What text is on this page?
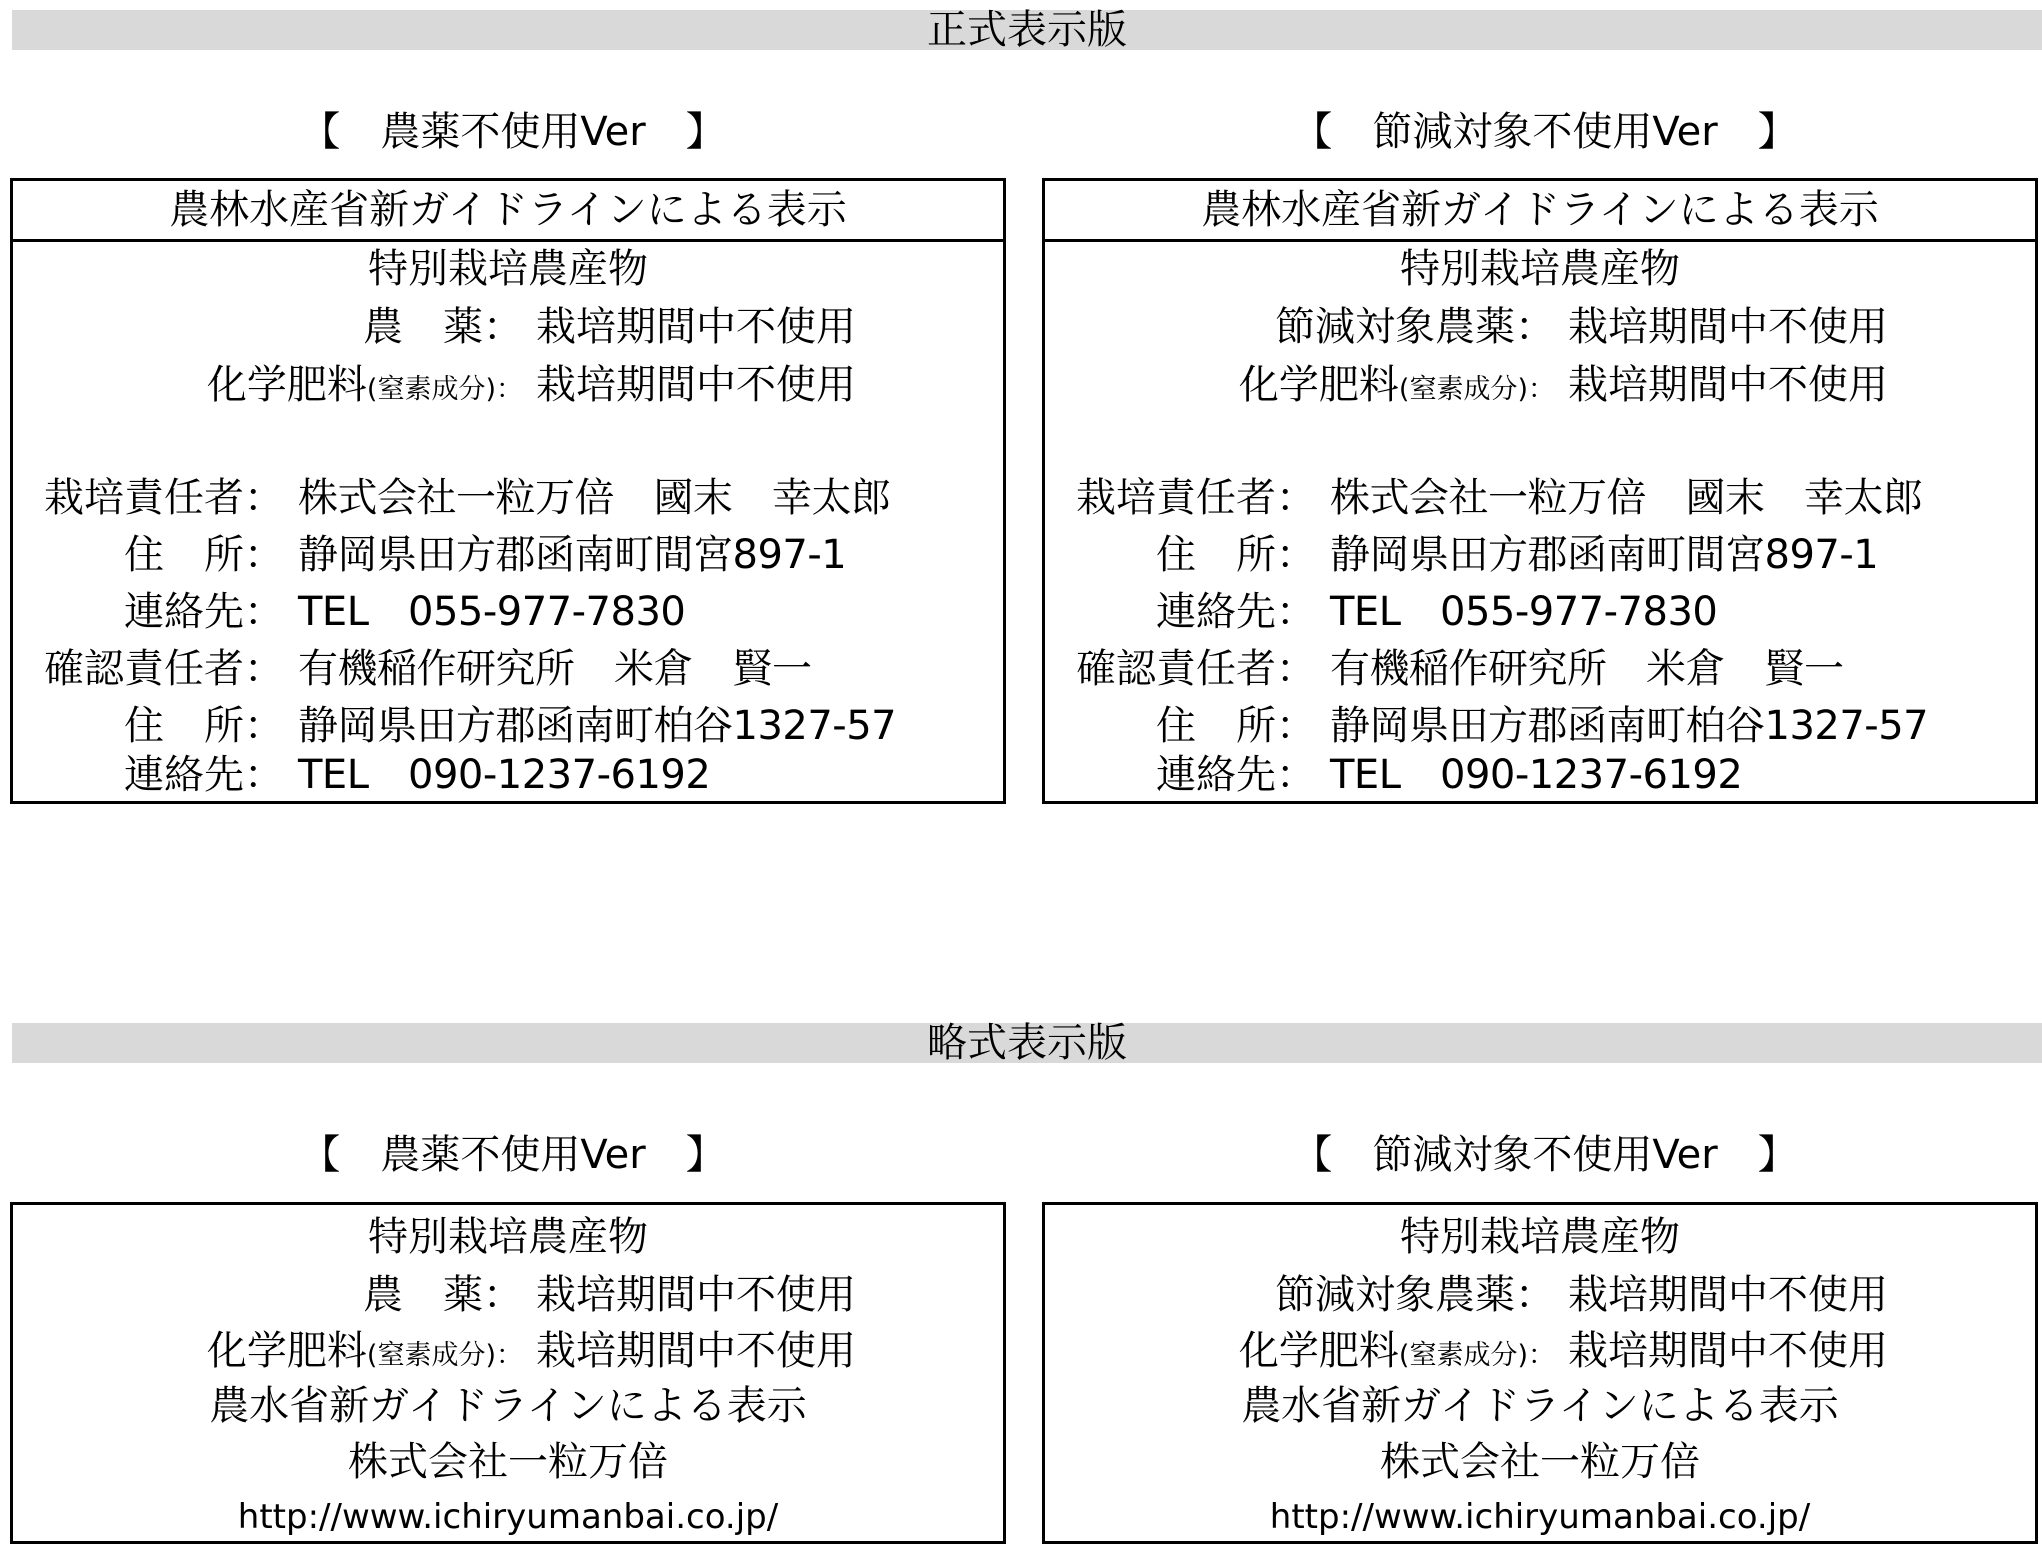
正式表示版
【　農薬不使用Ver　】
農林水産省新ガイドラインによる表示
特別栽培農産物
農　薬： 栽培期間中不使用
化学肥料(窒素成分)： 栽培期間中不使用
栽培責任者： 株式会社一粒万倍　國末　幸太郎
住　所： 静岡県田方郡函南町間宮897-1
連絡先： TEL　055-977-7830
確認責任者： 有機稲作研究所　米倉　賢一
住　所： 静岡県田方郡函南町柏谷1327-57
連絡先： TEL　090-1237-6192
【　節減対象不使用Ver　】
農林水産省新ガイドラインによる表示
特別栽培農産物
節減対象農薬： 栽培期間中不使用
化学肥料(窒素成分)： 栽培期間中不使用
栽培責任者： 株式会社一粒万倍　國末　幸太郎
住　所： 静岡県田方郡函南町間宮897-1
連絡先： TEL　055-977-7830
確認責任者： 有機稲作研究所　米倉　賢一
住　所： 静岡県田方郡函南町柏谷1327-57
連絡先： TEL　090-1237-6192
略式表示版
【　農薬不使用Ver　】
特別栽培農産物
農　薬： 栽培期間中不使用
化学肥料(窒素成分)： 栽培期間中不使用
農水省新ガイドラインによる表示
株式会社一粒万倍
http://www.ichiryumanbai.co.jp/
【　節減対象不使用Ver　】
特別栽培農産物
節減対象農薬： 栽培期間中不使用
化学肥料(窒素成分)： 栽培期間中不使用
農水省新ガイドラインによる表示
株式会社一粒万倍
http://www.ichiryumanbai.co.jp/
